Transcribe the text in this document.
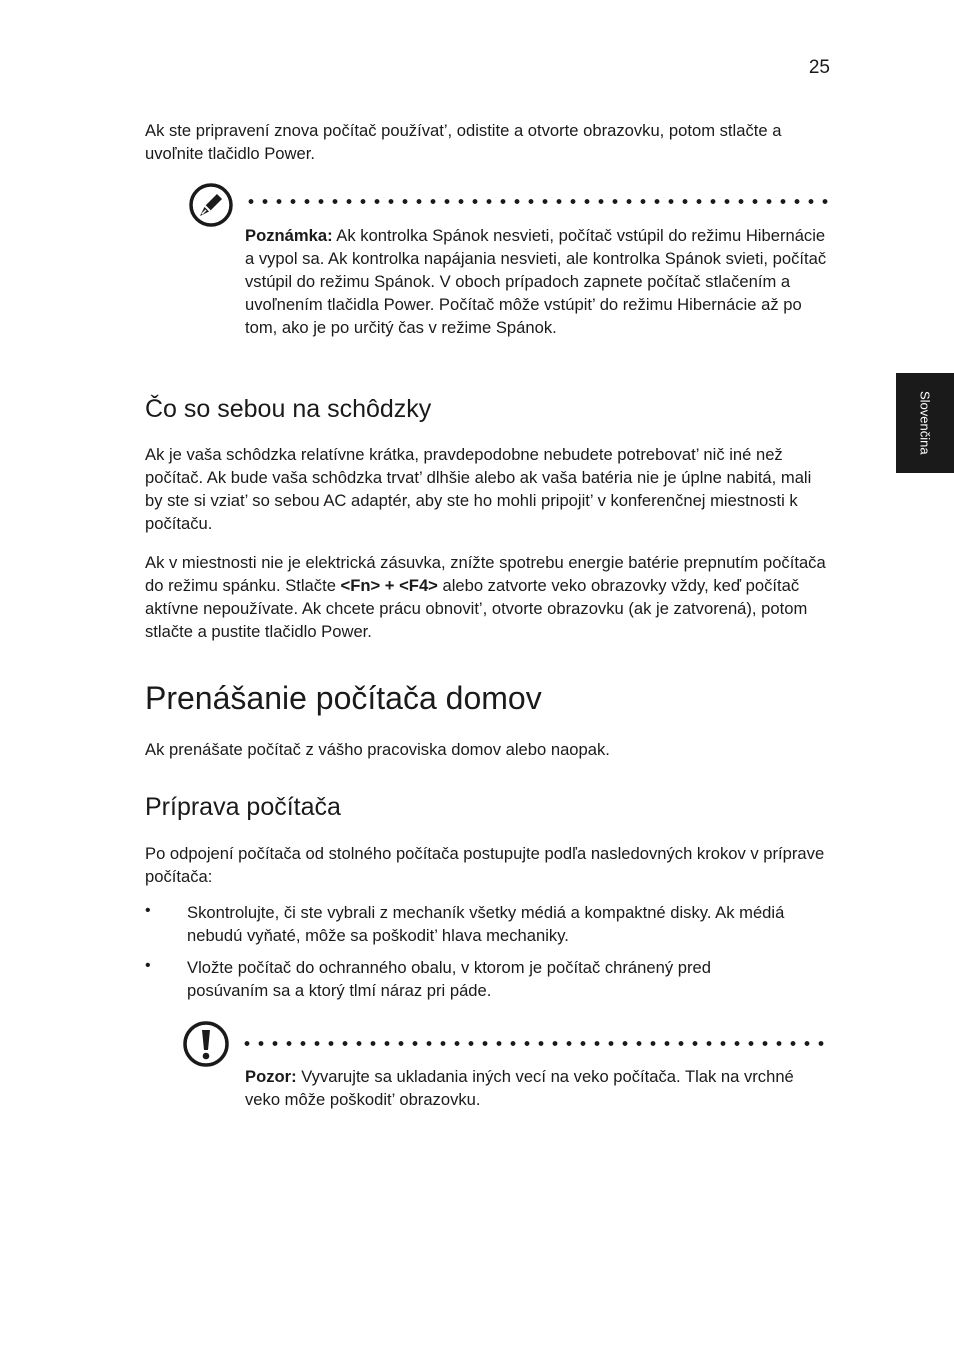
25
Slovenčina

Ak ste pripravení znova počítač používat’, odistite a otvorte obrazovku, potom stlačte a uvoľnite tlačidlo Power.

Poznámka: Ak kontrolka Spánok nesvieti, počítač vstúpil do režimu Hibernácie a vypol sa. Ak kontrolka napájania nesvieti, ale kontrolka Spánok svieti, počítač vstúpil do režimu Spánok. V oboch prípadoch zapnete počítač stlačením a uvoľnením tlačidla Power. Počítač môže vstúpit’ do režimu Hibernácie až po tom, ako je po určitý čas v režime Spánok.

Čo so sebou na schôdzky

Ak je vaša schôdzka relatívne krátka, pravdepodobne nebudete potrebovat’ nič iné než počítač. Ak bude vaša schôdzka trvat’ dlhšie alebo ak vaša batéria nie je úplne nabitá, mali by ste si vziat’ so sebou AC adaptér, aby ste ho mohli pripojit’ v konferenčnej miestnosti k počítaču.

Ak v miestnosti nie je elektrická zásuvka, znížte spotrebu energie batérie prepnutím počítača do režimu spánku. Stlačte <Fn> + <F4> alebo zatvorte veko obrazovky vždy, keď počítač aktívne nepoužívate. Ak chcete prácu obnovit’, otvorte obrazovku (ak je zatvorená), potom stlačte a pustite tlačidlo Power.

Prenášanie počítača domov

Ak prenášate počítač z vášho pracoviska domov alebo naopak.

Príprava počítača

Po odpojení počítača od stolného počítača postupujte podľa nasledovných krokov v príprave počítača:

• Skontrolujte, či ste vybrali z mechaník všetky médiá a kompaktné disky. Ak médiá nebudú vyňaté, môže sa poškodit’ hlava mechaniky.

• Vložte počítač do ochranného obalu, v ktorom je počítač chránený pred posúvaním sa a ktorý tlmí náraz pri páde.

Pozor: Vyvarujte sa ukladania iných vecí na veko počítača. Tlak na vrchné veko môže poškodit’ obrazovku.
